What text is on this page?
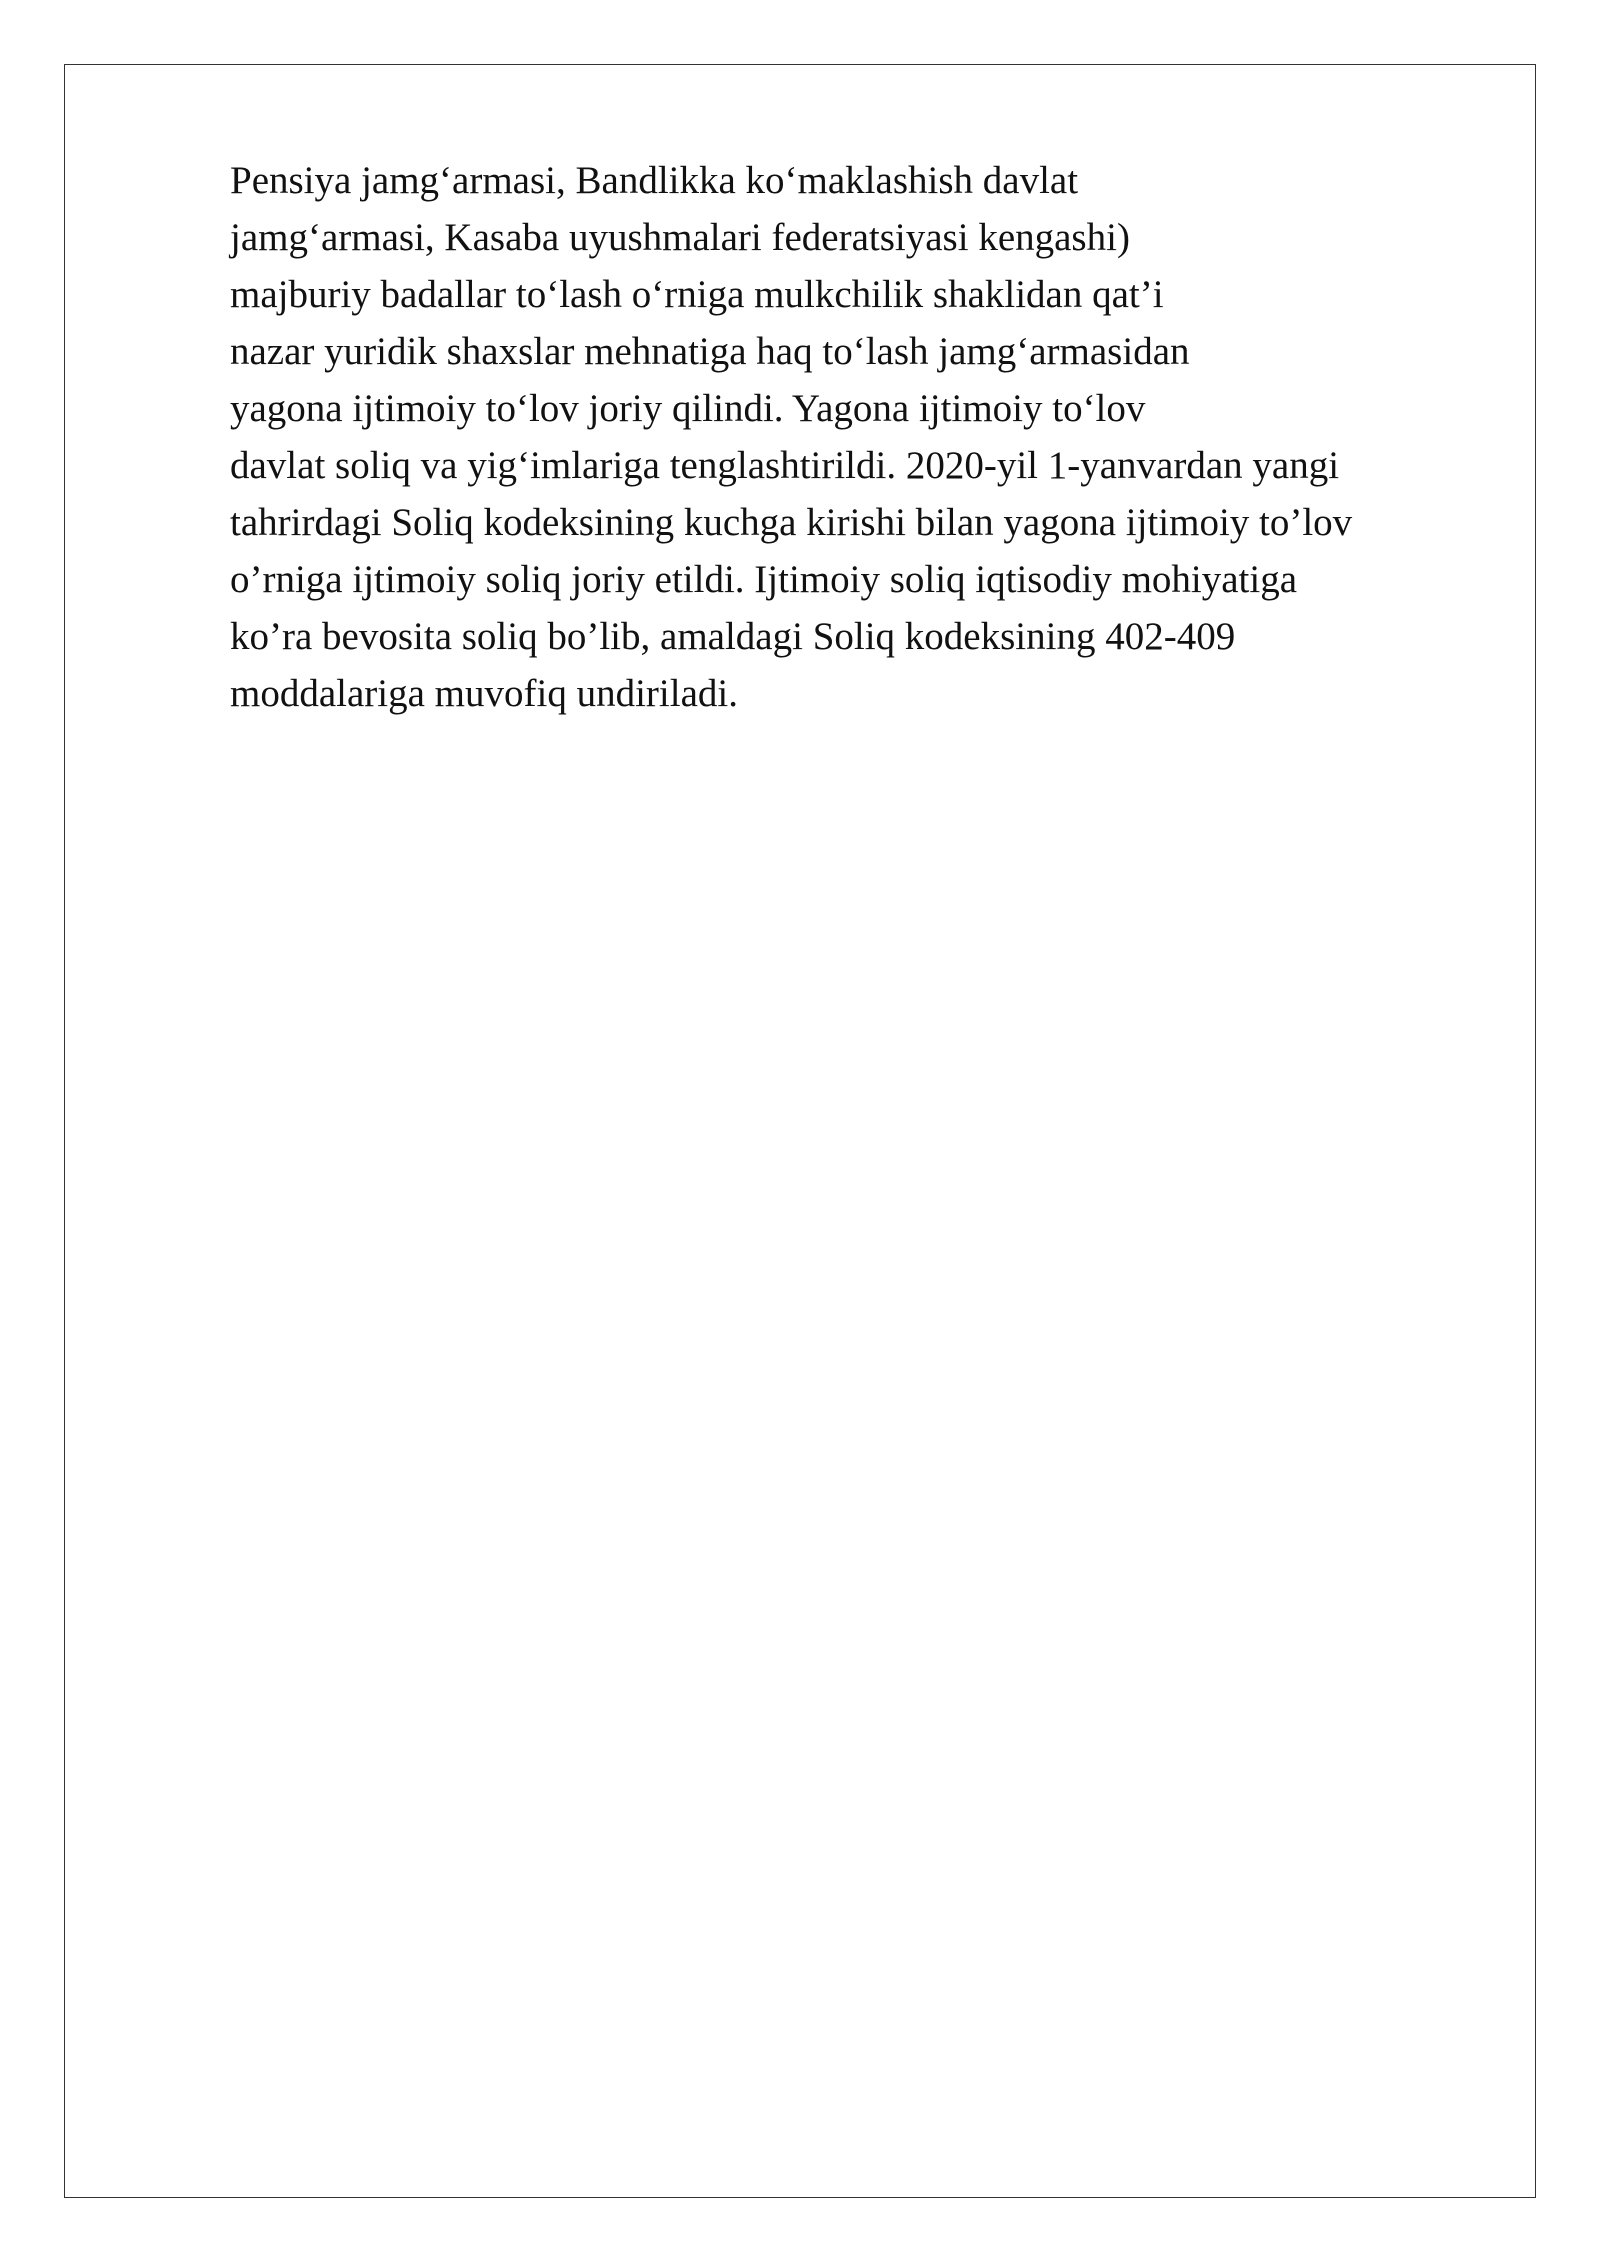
Pensiya jamg‘armasi, Bandlikka ko‘maklashish davlat
jamg‘armasi, Kasaba uyushmalari federatsiyasi kengashi)
majburiy badallar to‘lash o‘rniga mulkchilik shaklidan qat’i
nazar yuridik shaxslar mehnatiga haq to‘lash jamg‘armasidan
yagona ijtimoiy to‘lov joriy qilindi. Yagona ijtimoiy to‘lov
davlat soliq va yig‘imlariga tenglashtirildi. 2020-yil 1-yanvardan yangi
tahrirdagi Soliq kodeksining kuchga kirishi bilan yagona ijtimoiy to’lov
o’rniga ijtimoiy soliq joriy etildi. Ijtimoiy soliq iqtisodiy mohiyatiga
ko’ra bevosita soliq bo’lib, amaldagi Soliq kodeksining 402-409
moddalariga muvofiq undiriladi.
